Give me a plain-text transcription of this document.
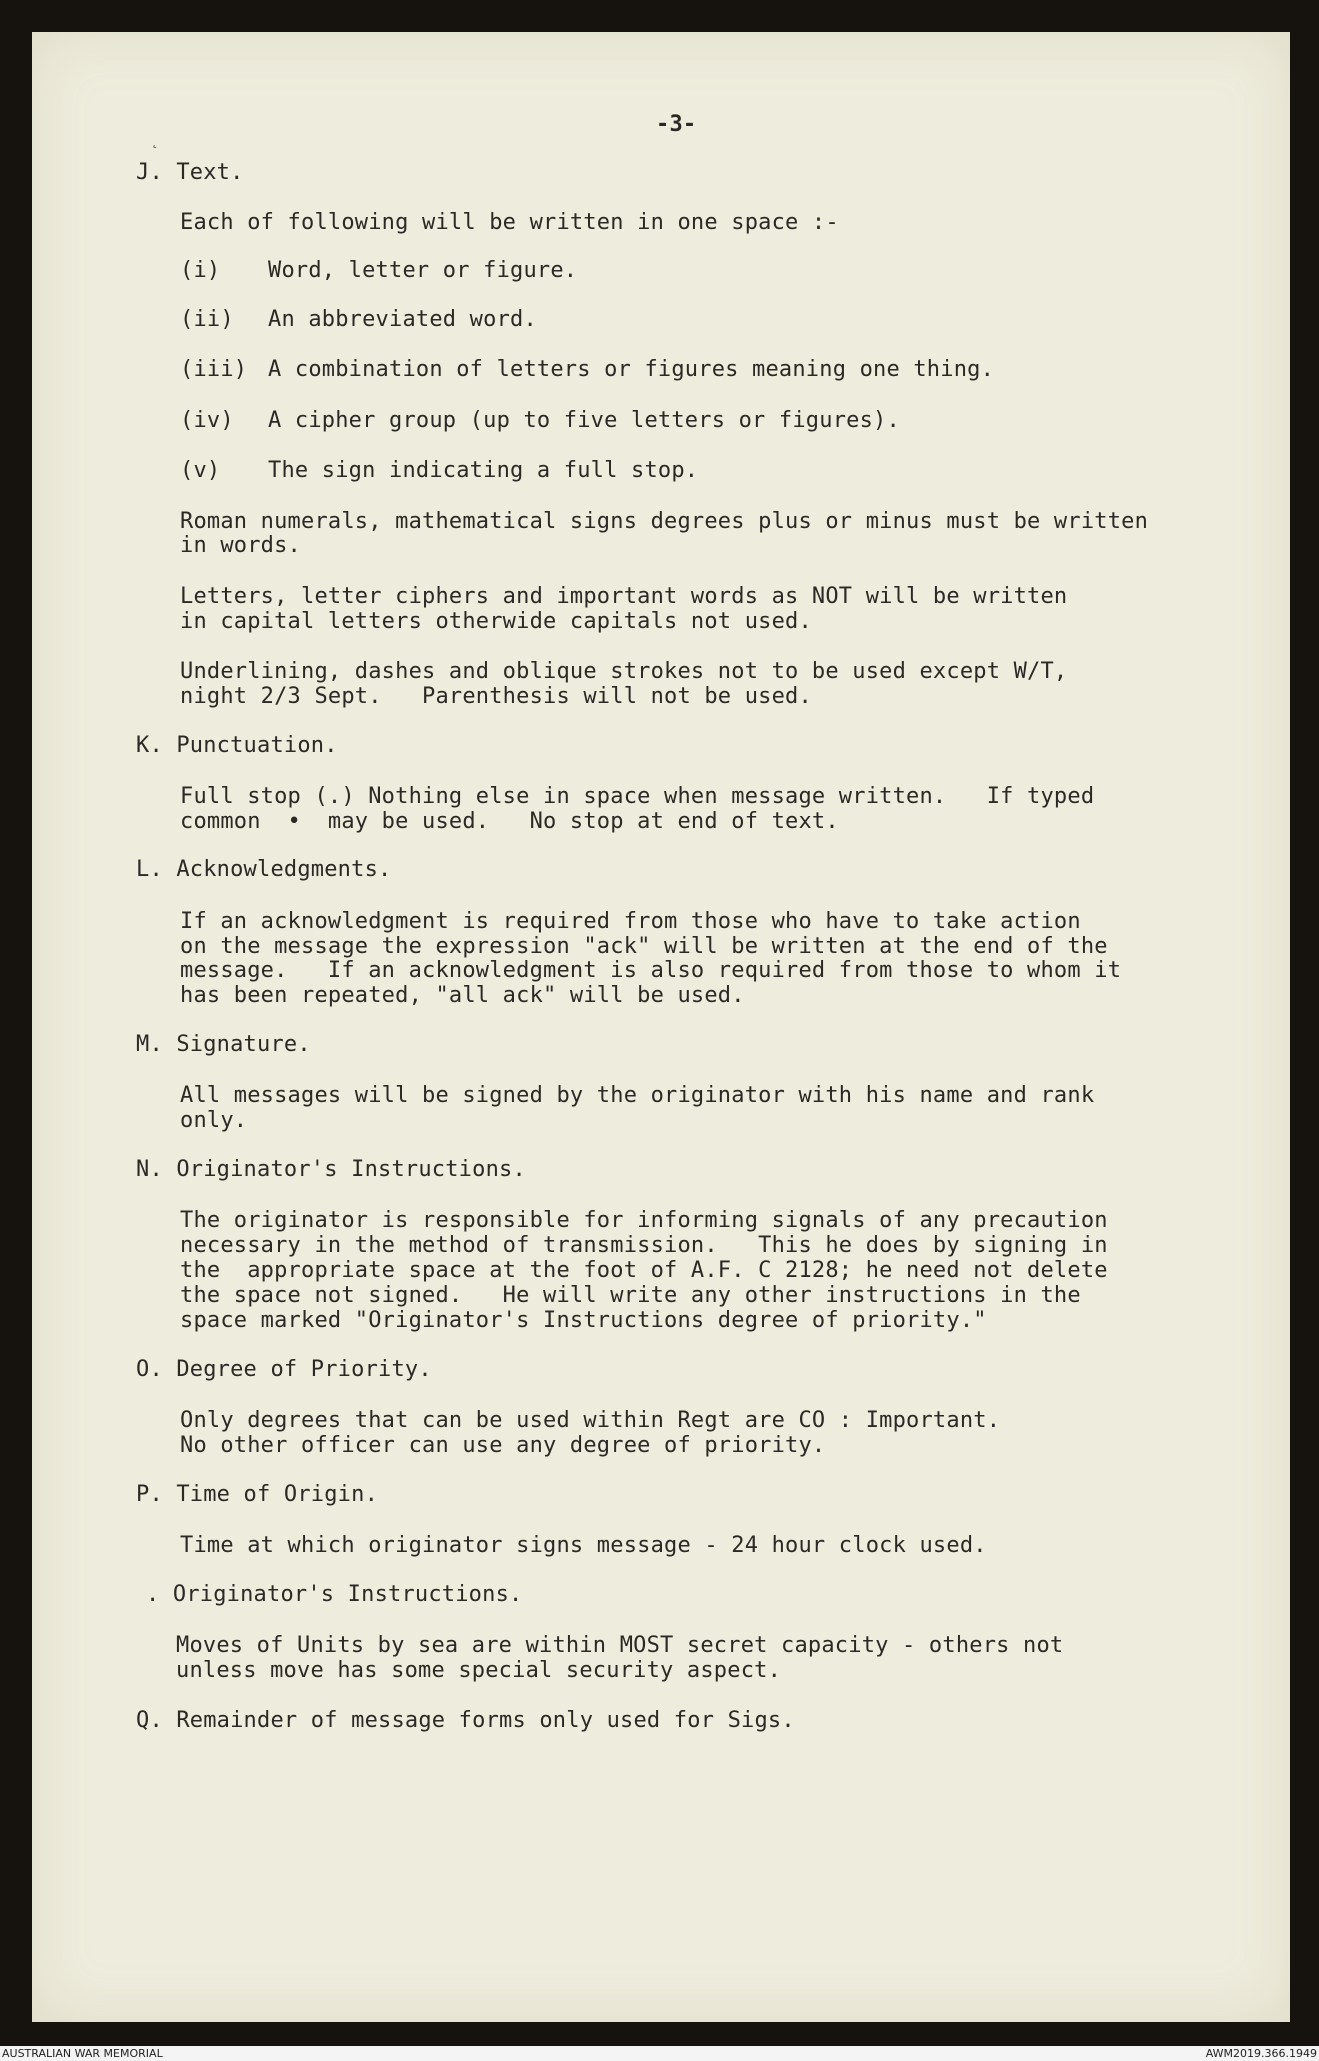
˛
-3-
J. Text.
Each of following will be written in one space :-
(i) Word, letter or figure.
(ii) An abbreviated word.
(iii) A combination of letters or figures meaning one thing.
(iv) A cipher group (up to five letters or figures).
(v) The sign indicating a full stop.
Roman numerals, mathematical signs degrees plus or minus must be written
in words.
Letters, letter ciphers and important words as NOT will be written
in capital letters otherwide capitals not used.
Underlining, dashes and oblique strokes not to be used except W/T,
night 2/3 Sept.   Parenthesis will not be used.
K. Punctuation.
Full stop (.) Nothing else in space when message written.   If typed
common  •  may be used.   No stop at end of text.
L. Acknowledgments.
If an acknowledgment is required from those who have to take action
on the message the expression "ack" will be written at the end of the
message.   If an acknowledgment is also required from those to whom it
has been repeated, "all ack" will be used.
M. Signature.
All messages will be signed by the originator with his name and rank
only.
N. Originator's Instructions.
The originator is responsible for informing signals of any precaution
necessary in the method of transmission.   This he does by signing in
the  appropriate space at the foot of A.F. C 2128; he need not delete
the space not signed.   He will write any other instructions in the
space marked "Originator's Instructions degree of priority."
O. Degree of Priority.
Only degrees that can be used within Regt are CO : Important.
No other officer can use any degree of priority.
P. Time of Origin.
Time at which originator signs message - 24 hour clock used.
. Originator's Instructions.
Moves of Units by sea are within MOST secret capacity - others not
unless move has some special security aspect.
Q. Remainder of message forms only used for Sigs.
AUSTRALIAN WAR MEMORIAL	AWM2019.366.1949
